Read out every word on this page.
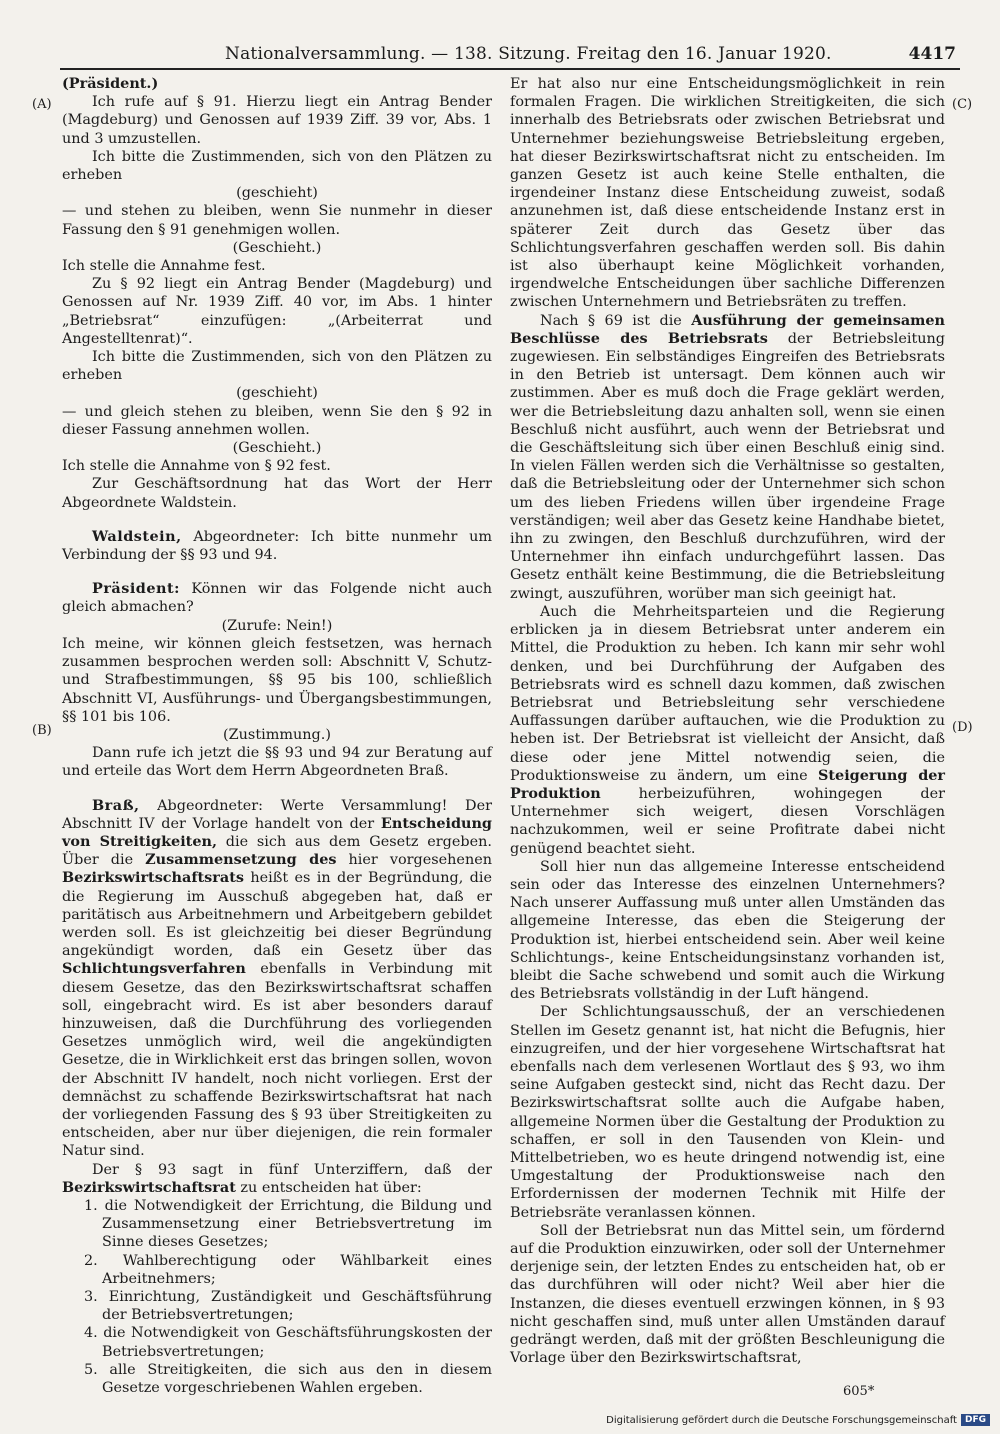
Nationalversammlung. — 138. Sitzung. Freitag den 16. Januar 1920.	4417
(A)
(B)
(C)
(D)

(Präsident.)

Ich rufe auf § 91. Hierzu liegt ein Antrag Bender (Magdeburg) und Genossen auf 1939 Ziff. 39 vor, Abs. 1 und 3 umzustellen.

Ich bitte die Zustimmenden, sich von den Plätzen zu erheben

(geschieht)

— und stehen zu bleiben, wenn Sie nunmehr in dieser Fassung den § 91 genehmigen wollen.

(Geschieht.)

Ich stelle die Annahme fest.

Zu § 92 liegt ein Antrag Bender (Magdeburg) und Genossen auf Nr. 1939 Ziff. 40 vor, im Abs. 1 hinter „Betriebsrat“ einzufügen: „(Arbeiterrat und Angestelltenrat)“.

Ich bitte die Zustimmenden, sich von den Plätzen zu erheben

(geschieht)

— und gleich stehen zu bleiben, wenn Sie den § 92 in dieser Fassung annehmen wollen.

(Geschieht.)

Ich stelle die Annahme von § 92 fest.

Zur Geschäftsordnung hat das Wort der Herr Abgeordnete Waldstein.

Waldstein, Abgeordneter: Ich bitte nunmehr um Verbindung der §§ 93 und 94.

Präsident: Können wir das Folgende nicht auch gleich abmachen?

(Zurufe: Nein!)

Ich meine, wir können gleich festsetzen, was hernach zusammen besprochen werden soll: Abschnitt V, Schutz- und Strafbestimmungen, §§ 95 bis 100, schließlich Abschnitt VI, Ausführungs- und Übergangsbestimmungen, §§ 101 bis 106.

(Zustimmung.)

Dann rufe ich jetzt die §§ 93 und 94 zur Beratung auf und erteile das Wort dem Herrn Abgeordneten Braß.

Braß, Abgeordneter: Werte Versammlung! Der Abschnitt IV der Vorlage handelt von der Entscheidung von Streitigkeiten, die sich aus dem Gesetz ergeben. Über die Zusammensetzung des hier vorgesehenen Bezirkswirtschaftsrats heißt es in der Begründung, die die Regierung im Ausschuß abgegeben hat, daß er paritätisch aus Arbeitnehmern und Arbeitgebern gebildet werden soll. Es ist gleichzeitig bei dieser Begründung angekündigt worden, daß ein Gesetz über das Schlichtungsverfahren ebenfalls in Verbindung mit diesem Gesetze, das den Bezirkswirtschaftsrat schaffen soll, eingebracht wird. Es ist aber besonders darauf hinzuweisen, daß die Durchführung des vorliegenden Gesetzes unmöglich wird, weil die angekündigten Gesetze, die in Wirklichkeit erst das bringen sollen, wovon der Abschnitt IV handelt, noch nicht vorliegen. Erst der demnächst zu schaffende Bezirkswirtschaftsrat hat nach der vorliegenden Fassung des § 93 über Streitigkeiten zu entscheiden, aber nur über diejenigen, die rein formaler Natur sind.

Der § 93 sagt in fünf Unterziffern, daß der Bezirkswirtschaftsrat zu entscheiden hat über:

1. die Notwendigkeit der Errichtung, die Bildung und Zusammensetzung einer Betriebsvertretung im Sinne dieses Gesetzes;
2. Wahlberechtigung oder Wählbarkeit eines Arbeitnehmers;
3. Einrichtung, Zuständigkeit und Geschäftsführung der Betriebsvertretungen;
4. die Notwendigkeit von Geschäftsführungskosten der Betriebsvertretungen;
5. alle Streitigkeiten, die sich aus den in diesem Gesetze vorgeschriebenen Wahlen ergeben.

Er hat also nur eine Entscheidungsmöglichkeit in rein formalen Fragen. Die wirklichen Streitigkeiten, die sich innerhalb des Betriebsrats oder zwischen Betriebsrat und Unternehmer beziehungsweise Betriebsleitung ergeben, hat dieser Bezirkswirtschaftsrat nicht zu entscheiden. Im ganzen Gesetz ist auch keine Stelle enthalten, die irgendeiner Instanz diese Entscheidung zuweist, sodaß anzunehmen ist, daß diese entscheidende Instanz erst in späterer Zeit durch das Gesetz über das Schlichtungsverfahren geschaffen werden soll. Bis dahin ist also überhaupt keine Möglichkeit vorhanden, irgendwelche Entscheidungen über sachliche Differenzen zwischen Unternehmern und Betriebsräten zu treffen.

Nach § 69 ist die Ausführung der gemeinsamen Beschlüsse des Betriebsrats der Betriebsleitung zugewiesen. Ein selbständiges Eingreifen des Betriebsrats in den Betrieb ist untersagt. Dem können auch wir zustimmen. Aber es muß doch die Frage geklärt werden, wer die Betriebsleitung dazu anhalten soll, wenn sie einen Beschluß nicht ausführt, auch wenn der Betriebsrat und die Geschäftsleitung sich über einen Beschluß einig sind. In vielen Fällen werden sich die Verhältnisse so gestalten, daß die Betriebsleitung oder der Unternehmer sich schon um des lieben Friedens willen über irgendeine Frage verständigen; weil aber das Gesetz keine Handhabe bietet, ihn zu zwingen, den Beschluß durchzuführen, wird der Unternehmer ihn einfach undurchgeführt lassen. Das Gesetz enthält keine Bestimmung, die die Betriebsleitung zwingt, auszuführen, worüber man sich geeinigt hat.

Auch die Mehrheitsparteien und die Regierung erblicken ja in diesem Betriebsrat unter anderem ein Mittel, die Produktion zu heben. Ich kann mir sehr wohl denken, und bei Durchführung der Aufgaben des Betriebsrats wird es schnell dazu kommen, daß zwischen Betriebsrat und Betriebsleitung sehr verschiedene Auffassungen darüber auftauchen, wie die Produktion zu heben ist. Der Betriebsrat ist vielleicht der Ansicht, daß diese oder jene Mittel notwendig seien, die Produktionsweise zu ändern, um eine Steigerung der Produktion herbeizuführen, wohingegen der Unternehmer sich weigert, diesen Vorschlägen nachzukommen, weil er seine Profitrate dabei nicht genügend beachtet sieht.

Soll hier nun das allgemeine Interesse entscheidend sein oder das Interesse des einzelnen Unternehmers? Nach unserer Auffassung muß unter allen Umständen das allgemeine Interesse, das eben die Steigerung der Produktion ist, hierbei entscheidend sein. Aber weil keine Schlichtungs-, keine Entscheidungsinstanz vorhanden ist, bleibt die Sache schwebend und somit auch die Wirkung des Betriebsrats vollständig in der Luft hängend.

Der Schlichtungsausschuß, der an verschiedenen Stellen im Gesetz genannt ist, hat nicht die Befugnis, hier einzugreifen, und der hier vorgesehene Wirtschaftsrat hat ebenfalls nach dem verlesenen Wortlaut des § 93, wo ihm seine Aufgaben gesteckt sind, nicht das Recht dazu. Der Bezirkswirtschaftsrat sollte auch die Aufgabe haben, allgemeine Normen über die Gestaltung der Produktion zu schaffen, er soll in den Tausenden von Klein- und Mittelbetrieben, wo es heute dringend notwendig ist, eine Umgestaltung der Produktionsweise nach den Erfordernissen der modernen Technik mit Hilfe der Betriebsräte veranlassen können.

Soll der Betriebsrat nun das Mittel sein, um fördernd auf die Produktion einzuwirken, oder soll der Unternehmer derjenige sein, der letzten Endes zu entscheiden hat, ob er das durchführen will oder nicht? Weil aber hier die Instanzen, die dieses eventuell erzwingen können, in § 93 nicht geschaffen sind, muß unter allen Umständen darauf gedrängt werden, daß mit der größten Beschleunigung die Vorlage über den Bezirkswirtschaftsrat,

605*
Digitalisierung gefördert durch die Deutsche Forschungsgemeinschaft DFG
